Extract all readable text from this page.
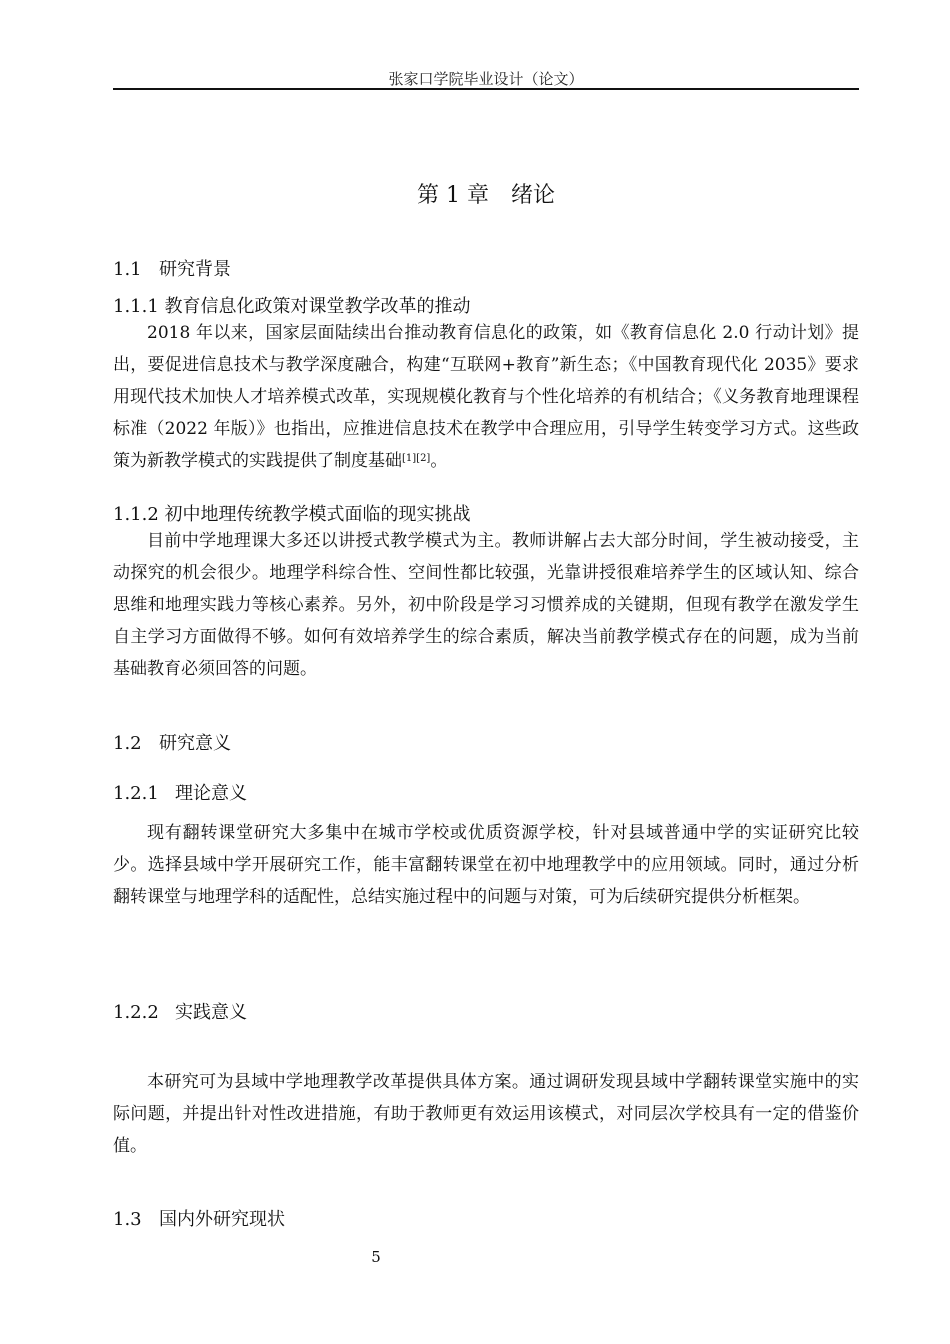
张家口学院毕业设计（论文）
第 1 章　绪论
1.1 研究背景
1.1.1 教育信息化政策对课堂教学改革的推动
2018 年以来，国家层面陆续出台推动教育信息化的政策，如《教育信息化 2.0 行动计划》提出，要促进信息技术与教学深度融合，构建“互联网+教育”新生态；《中国教育现代化 2035》要求用现代技术加快人才培养模式改革，实现规模化教育与个性化培养的有机结合；《义务教育地理课程标准（2022 年版）》也指出，应推进信息技术在教学中合理应用，引导学生转变学习方式。这些政策为新教学模式的实践提供了制度基础[1][2]。
1.1.2 初中地理传统教学模式面临的现实挑战
目前中学地理课大多还以讲授式教学模式为主。教师讲解占去大部分时间，学生被动接受，主动探究的机会很少。地理学科综合性、空间性都比较强，光靠讲授很难培养学生的区域认知、综合思维和地理实践力等核心素养。另外，初中阶段是学习习惯养成的关键期，但现有教学在激发学生自主学习方面做得不够。如何有效培养学生的综合素质，解决当前教学模式存在的问题，成为当前基础教育必须回答的问题。
1.2 研究意义
1.2.1 理论意义
现有翻转课堂研究大多集中在城市学校或优质资源学校，针对县域普通中学的实证研究比较少。选择县域中学开展研究工作，能丰富翻转课堂在初中地理教学中的应用领域。同时，通过分析翻转课堂与地理学科的适配性，总结实施过程中的问题与对策，可为后续研究提供分析框架。
1.2.2 实践意义
本研究可为县域中学地理教学改革提供具体方案。通过调研发现县域中学翻转课堂实施中的实际问题，并提出针对性改进措施，有助于教师更有效运用该模式，对同层次学校具有一定的借鉴价值。
1.3 国内外研究现状
5
